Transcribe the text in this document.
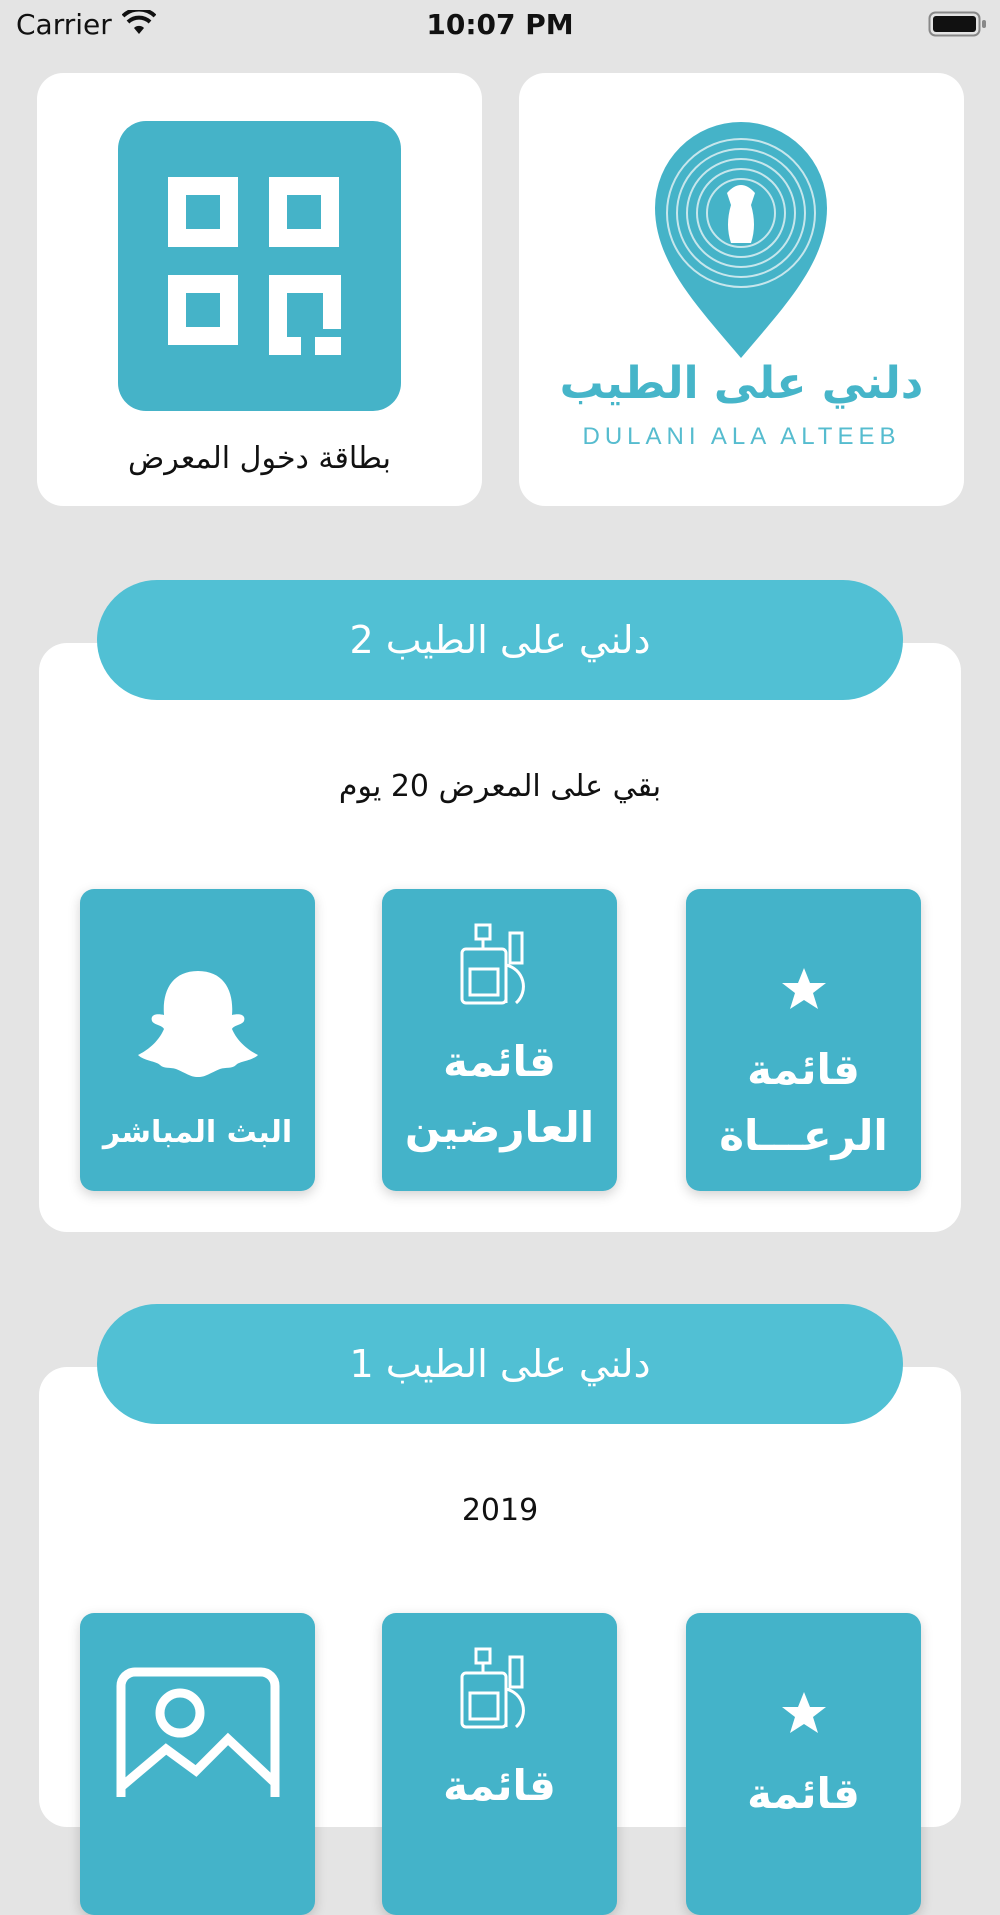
Carrier	10:07 PM
بطاقة دخول المعرض
دلني على الطيب
DULANI ALA ALTEEB
بقي على المعرض 20 يوم
قائمة الرعـــاة
قائمة العارضين
البث المباشر
دلني على الطيب 2
2019
قائمة
قائمة
دلني على الطيب 1
